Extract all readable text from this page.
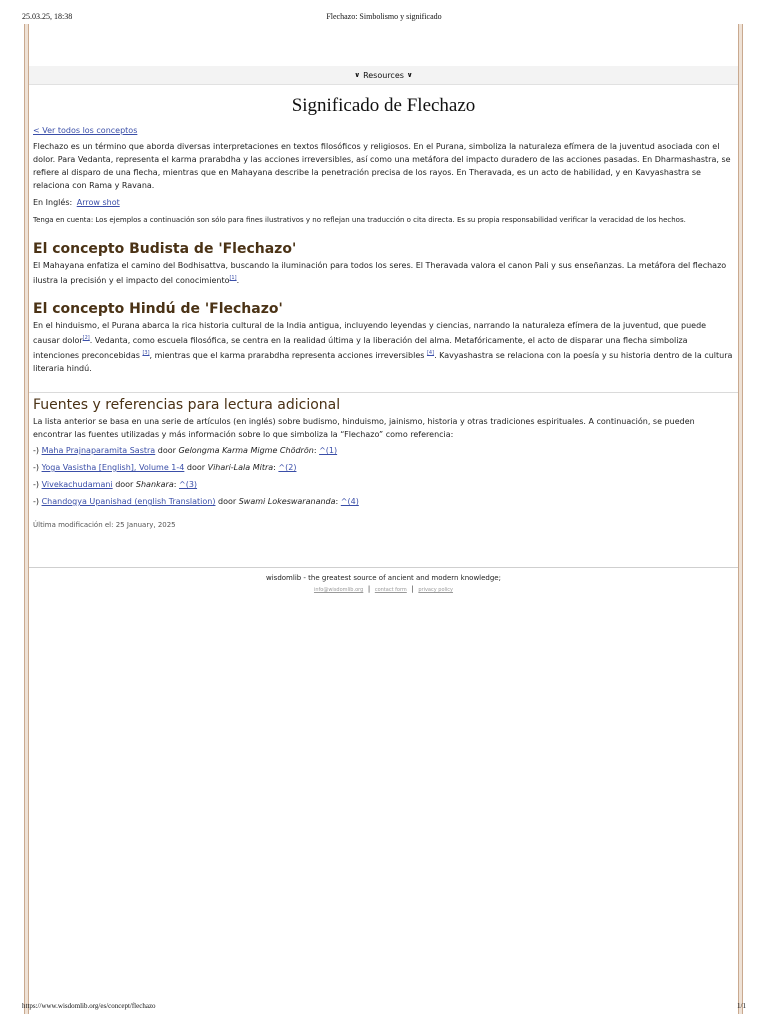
25.03.25, 18:38	Flechazo: Simbolismo y significado
∨ Resources ∨
Significado de Flechazo
< Ver todos los conceptos

Flechazo es un término que aborda diversas interpretaciones en textos filosóficos y religiosos. En el Purana, simboliza la naturaleza efímera de la juventud asociada con el dolor. Para Vedanta, representa el karma prarabdha y las acciones irreversibles, así como una metáfora del impacto duradero de las acciones pasadas. En Dharmashastra, se refiere al disparo de una flecha, mientras que en Mahayana describe la penetración precisa de los rayos. En Theravada, es un acto de habilidad, y en Kavyashastra se relaciona con Rama y Ravana.

En Inglés: Arrow shot

Tenga en cuenta: Los ejemplos a continuación son sólo para fines ilustrativos y no reflejan una traducción o cita directa. Es su propia responsabilidad verificar la veracidad de los hechos.

El concepto Budista de 'Flechazo'

El Mahayana enfatiza el camino del Bodhisattva, buscando la iluminación para todos los seres. El Theravada valora el canon Pali y sus enseñanzas. La metáfora del flechazo ilustra la precisión y el impacto del conocimiento[1].

El concepto Hindú de 'Flechazo'

En el hinduismo, el Purana abarca la rica historia cultural de la India antigua, incluyendo leyendas y ciencias, narrando la naturaleza efímera de la juventud, que puede causar dolor[2]. Vedanta, como escuela filosófica, se centra en la realidad última y la liberación del alma. Metafóricamente, el acto de disparar una flecha simboliza intenciones preconcebidas [3], mientras que el karma prarabdha representa acciones irreversibles [4]. Kavyashastra se relaciona con la poesía y su historia dentro de la cultura literaria hindú.

Fuentes y referencias para lectura adicional

La lista anterior se basa en una serie de artículos (en inglés) sobre budismo, hinduismo, jainismo, historia y otras tradiciones espirituales. A continuación, se pueden encontrar las fuentes utilizadas y más información sobre lo que simboliza la “Flechazo” como referencia:

-) Maha Prajnaparamita Sastra door Gelongma Karma Migme Chödrön: ^(1)
-) Yoga Vasistha [English], Volume 1-4 door Vihari-Lala Mitra: ^(2)
-) Vivekachudamani door Shankara: ^(3)
-) Chandogya Upanishad (english Translation) door Swami Lokeswarananda: ^(4)

Última modificación el: 25 January, 2025

wisdomlib - the greatest source of ancient and modern knowledge;
info@wisdomlib.org | contact form | privacy policy
https://www.wisdomlib.org/es/concept/flechazo	1/1
